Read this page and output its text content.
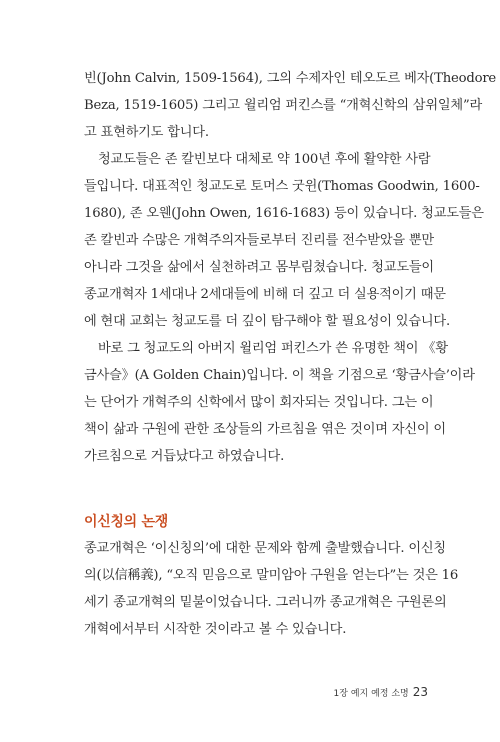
빈(John Calvin, 1509-1564), 그의 수제자인 테오도르 베자(Theodore
Beza, 1519-1605) 그리고 윌리엄 퍼킨스를 “개혁신학의 삼위일체”라
고 표현하기도 합니다.
청교도들은 존 칼빈보다 대체로 약 100년 후에 활약한 사람
들입니다. 대표적인 청교도로 토머스 굿윈(Thomas Goodwin, 1600-
1680), 존 오웬(John Owen, 1616-1683) 등이 있습니다. 청교도들은
존 칼빈과 수많은 개혁주의자들로부터 진리를 전수받았을 뿐만
아니라 그것을 삶에서 실천하려고 몸부림쳤습니다. 청교도들이
종교개혁자 1세대나 2세대들에 비해 더 깊고 더 실용적이기 때문
에 현대 교회는 청교도를 더 깊이 탐구해야 할 필요성이 있습니다.
바로 그 청교도의 아버지 윌리엄 퍼킨스가 쓴 유명한 책이 《황
금사슬》(A Golden Chain)입니다. 이 책을 기점으로 ‘황금사슬’이라
는 단어가 개혁주의 신학에서 많이 회자되는 것입니다. 그는 이
책이 삶과 구원에 관한 조상들의 가르침을 엮은 것이며 자신이 이
가르침으로 거듭났다고 하였습니다.
이신칭의 논쟁
종교개혁은 ‘이신칭의’에 대한 문제와 함께 출발했습니다. 이신칭
의(以信稱義), “오직 믿음으로 말미암아 구원을 얻는다”는 것은 16
세기 종교개혁의 밑불이었습니다. 그러니까 종교개혁은 구원론의
개혁에서부터 시작한 것이라고 볼 수 있습니다.
1장 예지 예정 소명 23
